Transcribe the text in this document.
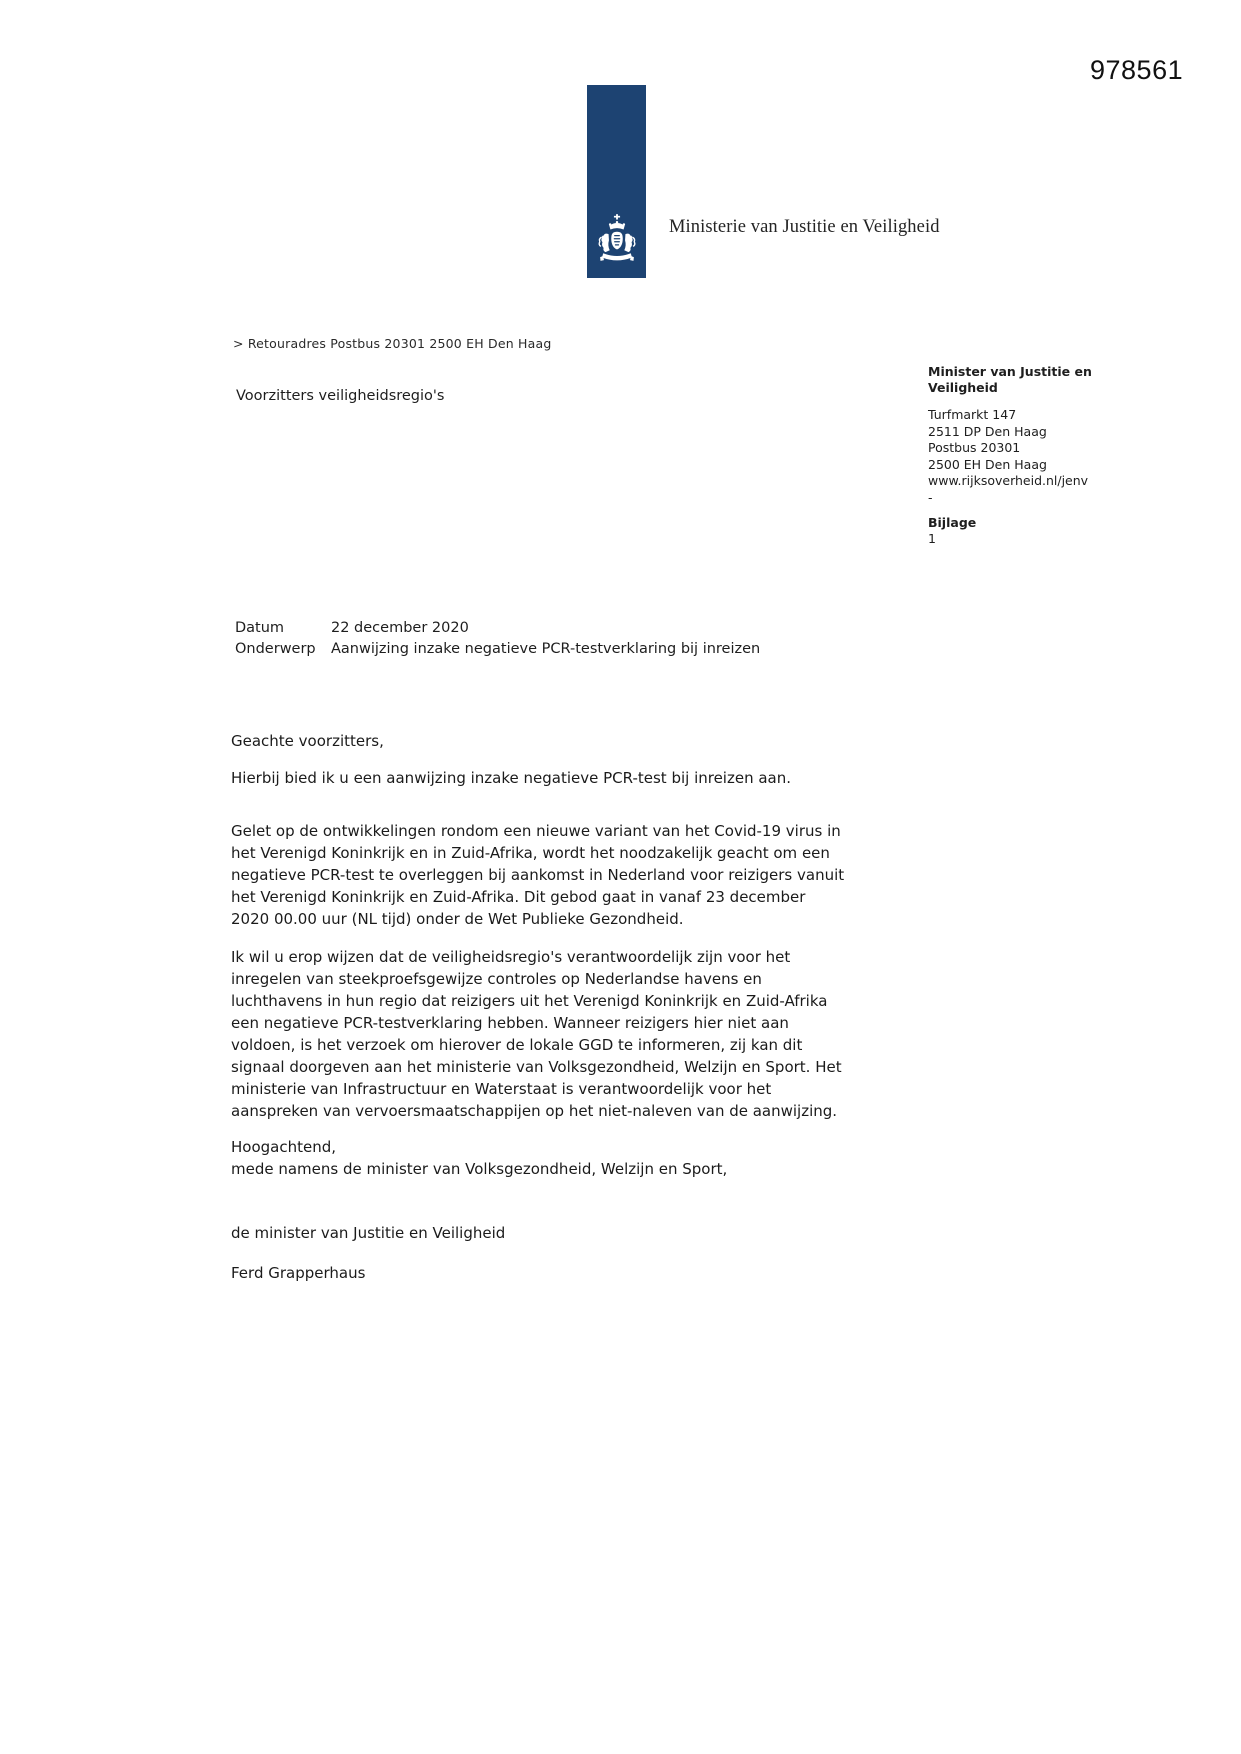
978561
Ministerie van Justitie en Veiligheid
> Retouradres Postbus 20301 2500 EH Den Haag
Voorzitters veiligheidsregio's
Minister van Justitie en
Veiligheid
Turfmarkt 147
2511 DP Den Haag
Postbus 20301
2500 EH Den Haag
www.rijksoverheid.nl/jenv
-
Bijlage
1
Datum	22 december 2020
Onderwerp	Aanwijzing inzake negatieve PCR-testverklaring bij inreizen
Geachte voorzitters,
Hierbij bied ik u een aanwijzing inzake negatieve PCR-test bij inreizen aan.
Gelet op de ontwikkelingen rondom een nieuwe variant van het Covid-19 virus in
het Verenigd Koninkrijk en in Zuid-Afrika, wordt het noodzakelijk geacht om een
negatieve PCR-test te overleggen bij aankomst in Nederland voor reizigers vanuit
het Verenigd Koninkrijk en Zuid-Afrika. Dit gebod gaat in vanaf 23 december
2020 00.00 uur (NL tijd) onder de Wet Publieke Gezondheid.
Ik wil u erop wijzen dat de veiligheidsregio's verantwoordelijk zijn voor het
inregelen van steekproefsgewijze controles op Nederlandse havens en
luchthavens in hun regio dat reizigers uit het Verenigd Koninkrijk en Zuid-Afrika
een negatieve PCR-testverklaring hebben. Wanneer reizigers hier niet aan
voldoen, is het verzoek om hierover de lokale GGD te informeren, zij kan dit
signaal doorgeven aan het ministerie van Volksgezondheid, Welzijn en Sport. Het
ministerie van Infrastructuur en Waterstaat is verantwoordelijk voor het
aanspreken van vervoersmaatschappijen op het niet-naleven van de aanwijzing.
Hoogachtend,
mede namens de minister van Volksgezondheid, Welzijn en Sport,
de minister van Justitie en Veiligheid
Ferd Grapperhaus
